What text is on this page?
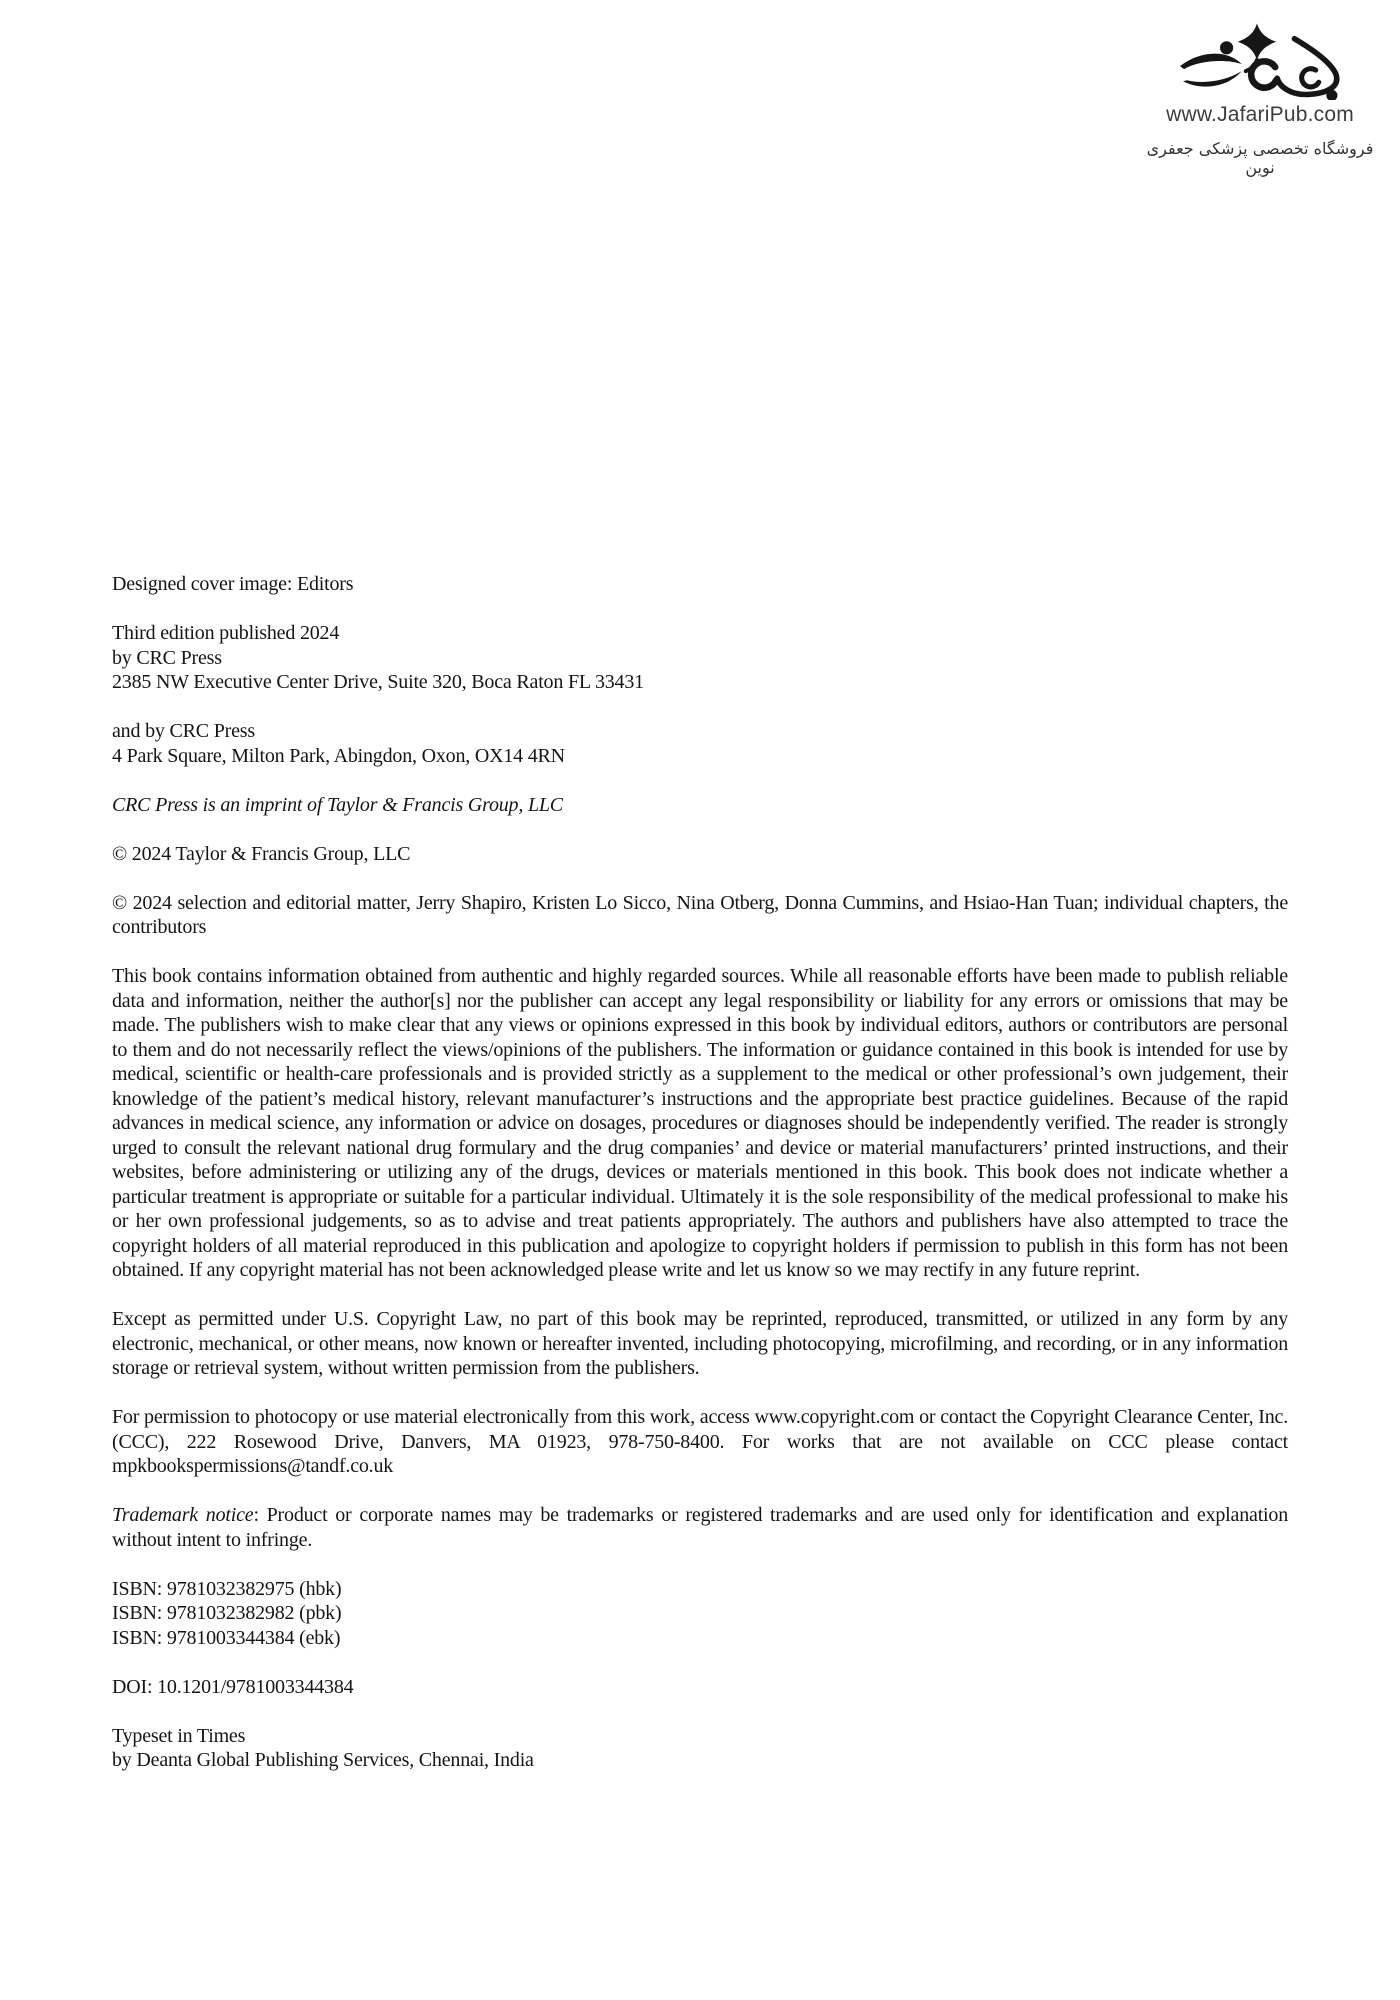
www.JafariPub.com
فروشگاه تخصصی پزشکی جعفری نوین

Designed cover image: Editors

Third edition published 2024
by CRC Press
2385 NW Executive Center Drive, Suite 320, Boca Raton FL 33431

and by CRC Press
4 Park Square, Milton Park, Abingdon, Oxon, OX14 4RN

CRC Press is an imprint of Taylor & Francis Group, LLC

© 2024 Taylor & Francis Group, LLC

© 2024 selection and editorial matter, Jerry Shapiro, Kristen Lo Sicco, Nina Otberg, Donna Cummins, and Hsiao-Han Tuan; individual chapters, the contributors

This book contains information obtained from authentic and highly regarded sources. While all reasonable efforts have been made to publish reliable data and information, neither the author[s] nor the publisher can accept any legal responsibility or liability for any errors or omissions that may be made. The publishers wish to make clear that any views or opinions expressed in this book by individual editors, authors or contributors are personal to them and do not necessarily reflect the views/opinions of the publishers. The information or guidance contained in this book is intended for use by medical, scientific or health-care professionals and is provided strictly as a supplement to the medical or other professional’s own judgement, their knowledge of the patient’s medical history, relevant manufacturer’s instructions and the appropriate best practice guidelines. Because of the rapid advances in medical science, any information or advice on dosages, procedures or diagnoses should be independently verified. The reader is strongly urged to consult the relevant national drug formulary and the drug companies’ and device or material manufacturers’ printed instructions, and their websites, before administering or utilizing any of the drugs, devices or materials mentioned in this book. This book does not indicate whether a particular treatment is appropriate or suitable for a particular individual. Ultimately it is the sole responsibility of the medical professional to make his or her own professional judgements, so as to advise and treat patients appropriately. The authors and publishers have also attempted to trace the copyright holders of all material reproduced in this publication and apologize to copyright holders if permission to publish in this form has not been obtained. If any copyright material has not been acknowledged please write and let us know so we may rectify in any future reprint.

Except as permitted under U.S. Copyright Law, no part of this book may be reprinted, reproduced, transmitted, or utilized in any form by any electronic, mechanical, or other means, now known or hereafter invented, including photocopying, microfilming, and recording, or in any information storage or retrieval system, without written permission from the publishers.

For permission to photocopy or use material electronically from this work, access www.copyright.com or contact the Copyright Clearance Center, Inc. (CCC), 222 Rosewood Drive, Danvers, MA 01923, 978-750-8400. For works that are not available on CCC please contact mpkbookspermissions@tandf.co.uk

Trademark notice: Product or corporate names may be trademarks or registered trademarks and are used only for identification and explanation without intent to infringe.

ISBN: 9781032382975 (hbk)
ISBN: 9781032382982 (pbk)
ISBN: 9781003344384 (ebk)

DOI: 10.1201/9781003344384

Typeset in Times
by Deanta Global Publishing Services, Chennai, India
